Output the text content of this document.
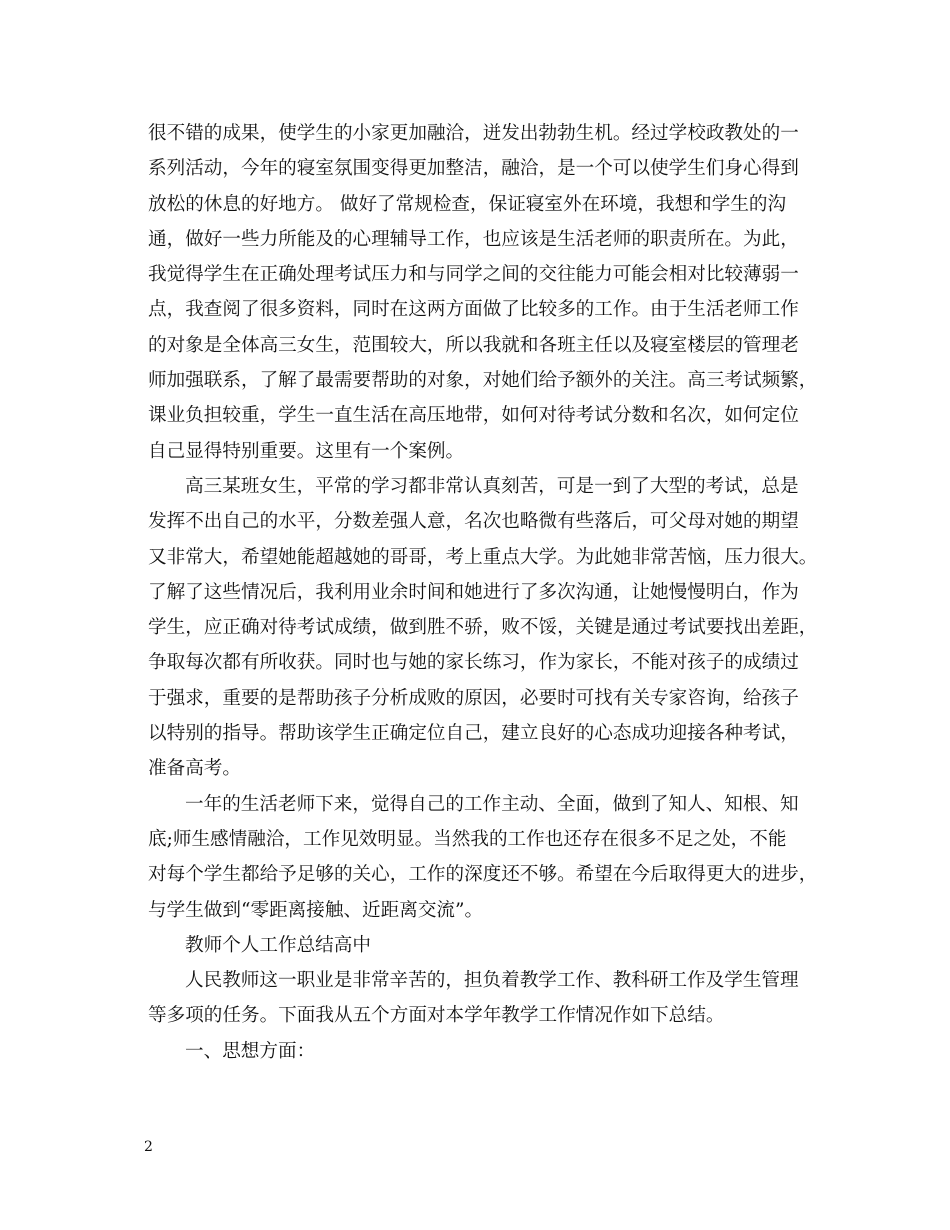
很不错的成果，使学生的小家更加融洽，迸发出勃勃生机。经过学校政教处的一
系列活动，今年的寝室氛围变得更加整洁，融洽，是一个可以使学生们身心得到
放松的休息的好地方。 做好了常规检查，保证寝室外在环境，我想和学生的沟
通，做好一些力所能及的心理辅导工作，也应该是生活老师的职责所在。为此，
我觉得学生在正确处理考试压力和与同学之间的交往能力可能会相对比较薄弱一
点，我查阅了很多资料，同时在这两方面做了比较多的工作。由于生活老师工作
的对象是全体高三女生，范围较大，所以我就和各班主任以及寝室楼层的管理老
师加强联系，了解了最需要帮助的对象，对她们给予额外的关注。高三考试频繁，
课业负担较重，学生一直生活在高压地带，如何对待考试分数和名次，如何定位
自己显得特别重要。这里有一个案例。
高三某班女生，平常的学习都非常认真刻苦，可是一到了大型的考试，总是
发挥不出自己的水平，分数差强人意，名次也略微有些落后，可父母对她的期望
又非常大，希望她能超越她的哥哥，考上重点大学。为此她非常苦恼，压力很大。
了解了这些情况后，我利用业余时间和她进行了多次沟通，让她慢慢明白，作为
学生，应正确对待考试成绩，做到胜不骄，败不馁，关键是通过考试要找出差距，
争取每次都有所收获。同时也与她的家长练习，作为家长，不能对孩子的成绩过
于强求，重要的是帮助孩子分析成败的原因，必要时可找有关专家咨询，给孩子
以特别的指导。帮助该学生正确定位自己，建立良好的心态成功迎接各种考试，
准备高考。
一年的生活老师下来，觉得自己的工作主动、全面，做到了知人、知根、知
底;师生感情融洽，工作见效明显。当然我的工作也还存在很多不足之处，不能
对每个学生都给予足够的关心，工作的深度还不够。希望在今后取得更大的进步，
与学生做到“零距离接触、近距离交流”。
教师个人工作总结高中
人民教师这一职业是非常辛苦的，担负着教学工作、教科研工作及学生管理
等多项的任务。下面我从五个方面对本学年教学工作情况作如下总结。
一、思想方面：
2
